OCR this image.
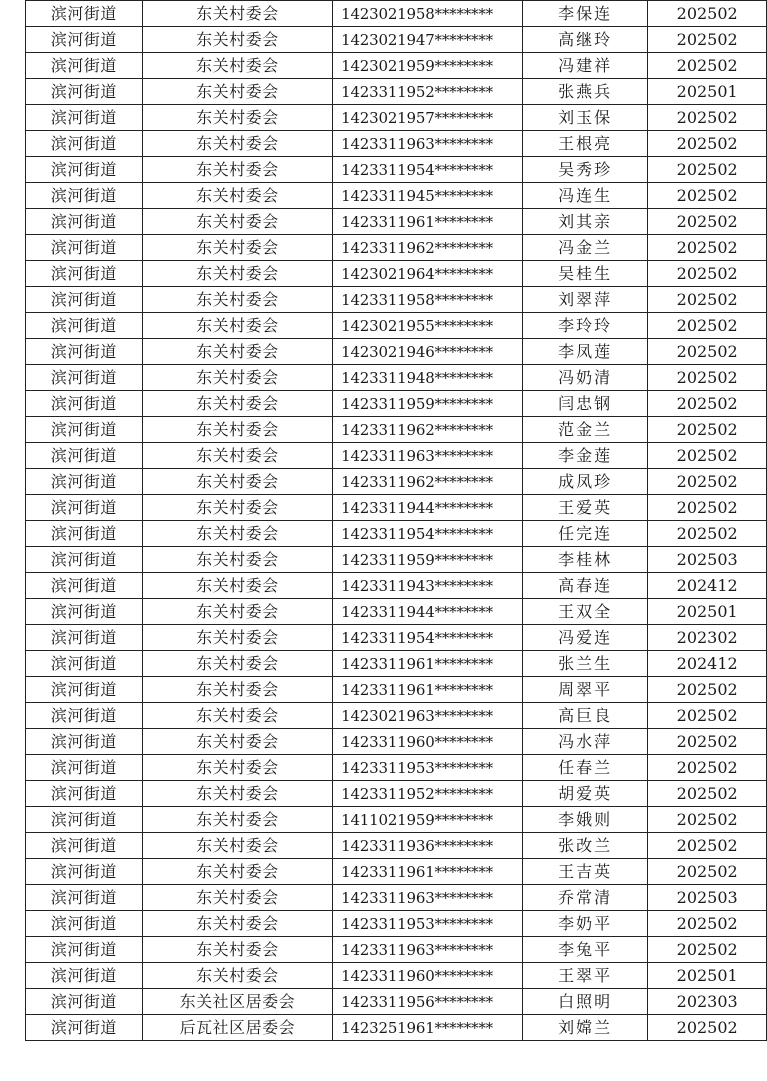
滨河街道	东关村委会	1423021958********	李保连	202502
滨河街道	东关村委会	1423021947********	高继玲	202502
滨河街道	东关村委会	1423021959********	冯建祥	202502
滨河街道	东关村委会	1423311952********	张燕兵	202501
滨河街道	东关村委会	1423021957********	刘玉保	202502
滨河街道	东关村委会	1423311963********	王根亮	202502
滨河街道	东关村委会	1423311954********	吴秀珍	202502
滨河街道	东关村委会	1423311945********	冯连生	202502
滨河街道	东关村委会	1423311961********	刘其亲	202502
滨河街道	东关村委会	1423311962********	冯金兰	202502
滨河街道	东关村委会	1423021964********	吴桂生	202502
滨河街道	东关村委会	1423311958********	刘翠萍	202502
滨河街道	东关村委会	1423021955********	李玲玲	202502
滨河街道	东关村委会	1423021946********	李凤莲	202502
滨河街道	东关村委会	1423311948********	冯奶清	202502
滨河街道	东关村委会	1423311959********	闫忠钢	202502
滨河街道	东关村委会	1423311962********	范金兰	202502
滨河街道	东关村委会	1423311963********	李金莲	202502
滨河街道	东关村委会	1423311962********	成凤珍	202502
滨河街道	东关村委会	1423311944********	王爱英	202502
滨河街道	东关村委会	1423311954********	任完连	202502
滨河街道	东关村委会	1423311959********	李桂林	202503
滨河街道	东关村委会	1423311943********	高春连	202412
滨河街道	东关村委会	1423311944********	王双全	202501
滨河街道	东关村委会	1423311954********	冯爱连	202302
滨河街道	东关村委会	1423311961********	张兰生	202412
滨河街道	东关村委会	1423311961********	周翠平	202502
滨河街道	东关村委会	1423021963********	高巨良	202502
滨河街道	东关村委会	1423311960********	冯水萍	202502
滨河街道	东关村委会	1423311953********	任春兰	202502
滨河街道	东关村委会	1423311952********	胡爱英	202502
滨河街道	东关村委会	1411021959********	李娥则	202502
滨河街道	东关村委会	1423311936********	张改兰	202502
滨河街道	东关村委会	1423311961********	王吉英	202502
滨河街道	东关村委会	1423311963********	乔常清	202503
滨河街道	东关村委会	1423311953********	李奶平	202502
滨河街道	东关村委会	1423311963********	李兔平	202502
滨河街道	东关村委会	1423311960********	王翠平	202501
滨河街道	东关社区居委会	1423311956********	白照明	202303
滨河街道	后瓦社区居委会	1423251961********	刘嫦兰	202502
